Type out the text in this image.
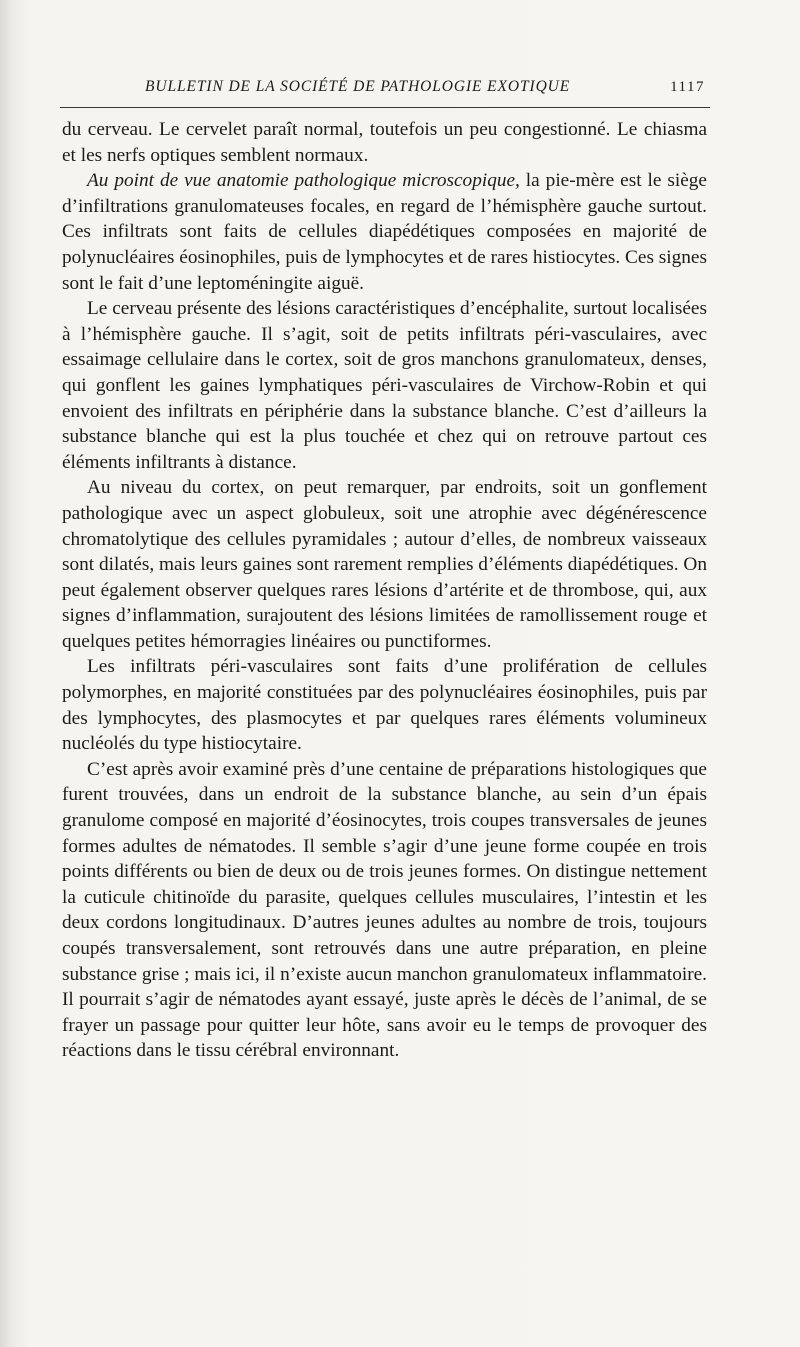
BULLETIN DE LA SOCIÉTÉ DE PATHOLOGIE EXOTIQUE	1117

du cerveau. Le cervelet paraît normal, toutefois un peu congestionné. Le chiasma et les nerfs optiques semblent normaux.

Au point de vue anatomie pathologique microscopique, la pie-mère est le siège d’infiltrations granulomateuses focales, en regard de l’hémisphère gauche surtout. Ces infiltrats sont faits de cellules diapédétiques composées en majorité de polynucléaires éosinophiles, puis de lymphocytes et de rares histiocytes. Ces signes sont le fait d’une leptoméningite aiguë.

Le cerveau présente des lésions caractéristiques d’encéphalite, surtout localisées à l’hémisphère gauche. Il s’agit, soit de petits infiltrats péri-vasculaires, avec essaimage cellulaire dans le cortex, soit de gros manchons granulomateux, denses, qui gonflent les gaines lymphatiques péri-vasculaires de Virchow-Robin et qui envoient des infiltrats en périphérie dans la substance blanche. C’est d’ailleurs la substance blanche qui est la plus touchée et chez qui on retrouve partout ces éléments infiltrants à distance.

Au niveau du cortex, on peut remarquer, par endroits, soit un gonflement pathologique avec un aspect globuleux, soit une atrophie avec dégénérescence chromatolytique des cellules pyramidales ; autour d’elles, de nombreux vaisseaux sont dilatés, mais leurs gaines sont rarement remplies d’éléments diapédétiques. On peut également observer quelques rares lésions d’artérite et de thrombose, qui, aux signes d’inflammation, surajoutent des lésions limitées de ramollissement rouge et quelques petites hémorragies linéaires ou punctiformes.

Les infiltrats péri-vasculaires sont faits d’une prolifération de cellules polymorphes, en majorité constituées par des polynucléaires éosinophiles, puis par des lymphocytes, des plasmocytes et par quelques rares éléments volumineux nucléolés du type histiocytaire.

C’est après avoir examiné près d’une centaine de préparations histologiques que furent trouvées, dans un endroit de la substance blanche, au sein d’un épais granulome composé en majorité d’éosinocytes, trois coupes transversales de jeunes formes adultes de nématodes. Il semble s’agir d’une jeune forme coupée en trois points différents ou bien de deux ou de trois jeunes formes. On distingue nettement la cuticule chitinoïde du parasite, quelques cellules musculaires, l’intestin et les deux cordons longitudinaux. D’autres jeunes adultes au nombre de trois, toujours coupés transversalement, sont retrouvés dans une autre préparation, en pleine substance grise ; mais ici, il n’existe aucun manchon granulomateux inflammatoire. Il pourrait s’agir de nématodes ayant essayé, juste après le décès de l’animal, de se frayer un passage pour quitter leur hôte, sans avoir eu le temps de provoquer des réactions dans le tissu cérébral environnant.
